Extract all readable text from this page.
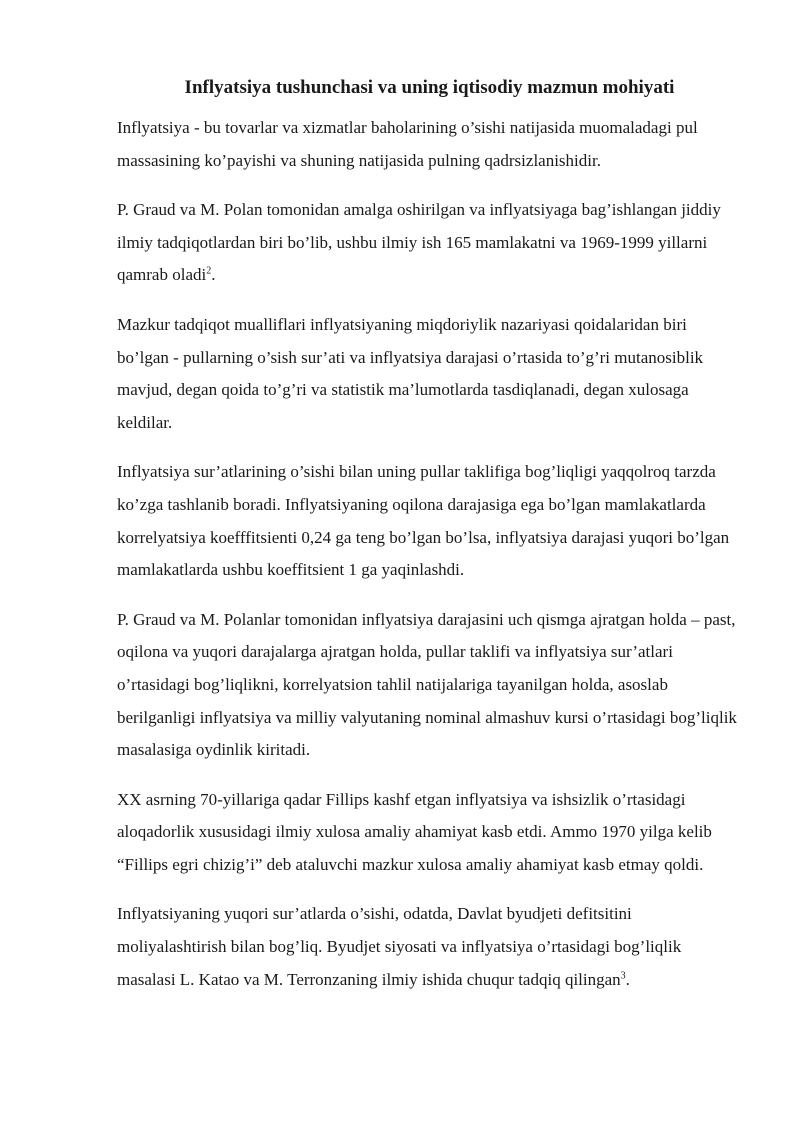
Inflyatsiya tushunchasi va uning iqtisodiy mazmun mohiyati

Inflyatsiya - bu tovarlar va xizmatlar baholarining o’sishi natijasida muomaladagi pul massasining ko’payishi va shuning natijasida pulning qadrsizlanishidir.

P. Graud va M. Polan tomonidan amalga oshirilgan va inflyatsiyaga bag’ishlangan jiddiy ilmiy tadqiqotlardan biri bo’lib, ushbu ilmiy ish 165 mamlakatni va 1969-1999 yillarni qamrab oladi$^2$.

Mazkur tadqiqot mualliflari inflyatsiyaning miqdoriylik nazariyasi qoidalaridan biri bo’lgan - pullarning o’sish sur’ati va inflyatsiya darajasi o’rtasida to’g’ri mutanosiblik mavjud, degan qoida to’g’ri va statistik ma’lumotlarda tasdiqlanadi, degan xulosaga keldilar.

Inflyatsiya sur’atlarining o’sishi bilan uning pullar taklifiga bog’liqligi yaqqolroq tarzda ko’zga tashlanib boradi. Inflyatsiyaning oqilona darajasiga ega bo’lgan mamlakatlarda korrelyatsiya koefffitsienti 0,24 ga teng bo’lgan bo’lsa, inflyatsiya darajasi yuqori bo’lgan mamlakatlarda ushbu koeffitsient 1 ga yaqinlashdi.

P. Graud va M. Polanlar tomonidan inflyatsiya darajasini uch qismga ajratgan holda – past, oqilona va yuqori darajalarga ajratgan holda, pullar taklifi va inflyatsiya sur’atlari o’rtasidagi bog’liqlikni, korrelyatsion tahlil natijalariga tayanilgan holda, asoslab berilganligi inflyatsiya va milliy valyutaning nominal almashuv kursi o’rtasidagi bog’liqlik masalasiga oydinlik kiritadi.

XX asrning 70-yillariga qadar Fillips kashf etgan inflyatsiya va ishsizlik o’rtasidagi aloqadorlik xususidagi ilmiy xulosa amaliy ahamiyat kasb etdi. Ammo 1970 yilga kelib “Fillips egri chizig’i” deb ataluvchi mazkur xulosa amaliy ahamiyat kasb etmay qoldi.

Inflyatsiyaning yuqori sur’atlarda o’sishi, odatda, Davlat byudjeti defitsitini moliyalashtirish bilan bog’liq. Byudjet siyosati va inflyatsiya o’rtasidagi bog’liqlik masalasi L. Katao va M. Terronzaning ilmiy ishida chuqur tadqiq qilingan$^3$.
